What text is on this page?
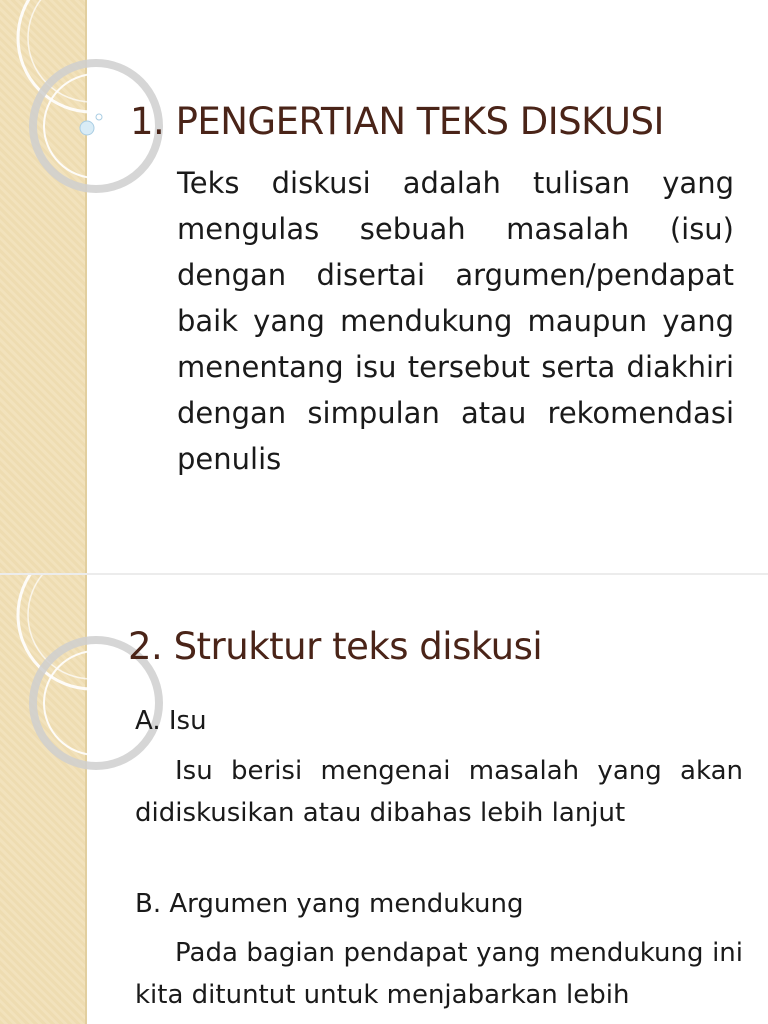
1. PENGERTIAN TEKS DISKUSI

Teks diskusi adalah tulisan yang mengulas sebuah masalah (isu) dengan disertai argumen/pendapat baik yang mendukung maupun yang menentang isu tersebut serta diakhiri dengan simpulan atau rekomendasi penulis

2. Struktur teks diskusi

A. Isu

Isu berisi mengenai masalah yang akan didiskusikan atau dibahas lebih lanjut

B. Argumen yang mendukung

Pada bagian pendapat yang mendukung ini kita dituntut untuk menjabarkan lebih
